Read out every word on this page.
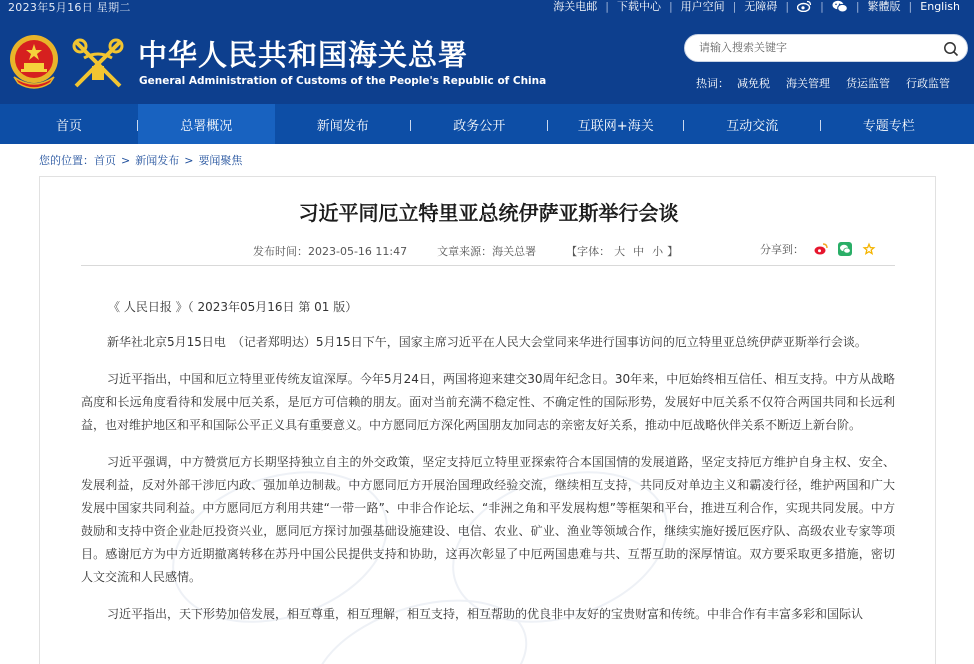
2023年5月16日 星期二	海关电邮 | 下载中心 | 用户空间 | 无障碍 |	|	| 繁體版 | English
中华人民共和国海关总署
General Administration of Customs of the People's Republic of China
请输入搜索关键字	热词： 减免税 海关管理 货运监管 行政监管
首页	总署概况	新闻发布	政务公开	互联网+海关	互动交流	专题专栏
您的位置：首页 > 新闻发布 > 要闻聚焦
习近平同厄立特里亚总统伊萨亚斯举行会谈
发布时间：2023-05-16 11:47	文章来源：海关总署	【字体： 大 中 小 】	分享到：
《 人民日报 》（ 2023年05月16日 第 01 版）

新华社北京5月15日电　（记者郑明达）5月15日下午，国家主席习近平在人民大会堂同来华进行国事访问的厄立特里亚总统伊萨亚斯举行会谈。

习近平指出，中国和厄立特里亚传统友谊深厚。今年5月24日，两国将迎来建交30周年纪念日。30年来，中厄始终相互信任、相互支持。中方从战略高度和长远角度看待和发展中厄关系，是厄方可信赖的朋友。面对当前充满不稳定性、不确定性的国际形势，发展好中厄关系不仅符合两国共同和长远利益，也对维护地区和平和国际公平正义具有重要意义。中方愿同厄方深化两国朋友加同志的亲密友好关系，推动中厄战略伙伴关系不断迈上新台阶。

习近平强调，中方赞赏厄方长期坚持独立自主的外交政策，坚定支持厄立特里亚探索符合本国国情的发展道路，坚定支持厄方维护自身主权、安全、发展利益，反对外部干涉厄内政、强加单边制裁。中方愿同厄方开展治国理政经验交流，继续相互支持，共同反对单边主义和霸凌行径，维护两国和广大发展中国家共同利益。中方愿同厄方利用共建“一带一路”、中非合作论坛、“非洲之角和平发展构想”等框架和平台，推进互利合作，实现共同发展。中方鼓励和支持中资企业赴厄投资兴业，愿同厄方探讨加强基础设施建设、电信、农业、矿业、渔业等领域合作，继续实施好援厄医疗队、高级农业专家等项目。感谢厄方为中方近期撤离转移在苏丹中国公民提供支持和协助，这再次彰显了中厄两国患难与共、互帮互助的深厚情谊。双方要采取更多措施，密切人文交流和人民感情。

习近平指出，天下形势加倍发展，相互尊重，相互理解，相互支持，相互帮助的优良非中友好的宝贵财富和传统。中非合作有丰富多彩和国际认
